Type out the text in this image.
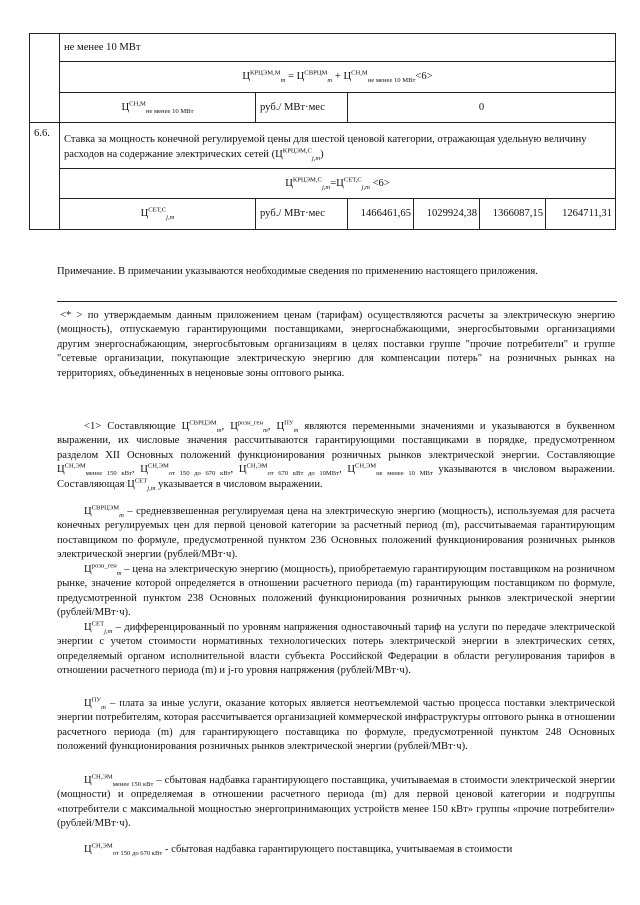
	не менее 10 МВт					
	$Ц^{КРЦЭМ,М}_m = Ц^{СВРЦМ}_m + Ц^{СН,М}_{не менее 10 МВт}<6>$					
	$Ц^{СН,М}_{не менее 10 МВт}$	руб./ МВт·мес	0			
6.6.	Ставка за мощность конечной регулируемой цены для шестой ценовой категории, отражающая удельную величину расходов на содержание электрических сетей $(Ц^{КРЦЭМ,С}_{j,m})$					
	$Ц^{КРЦЭМ,С}_{j,m}=Ц^{СЕТ,С}_{j,m} <6>$					
	$Ц^{СЕТ,С}_{j,m}$	руб./ МВт·мес	1466461,65	1029924,38	1366087,15	1264711,31
Примечание. В примечании указываются необходимые сведения по применению настоящего приложения.
<* > по утверждаемым данным приложением ценам (тарифам) осуществляются расчеты за электрическую энергию (мощность), отпускаемую гарантирующими поставщиками, энергоснабжающими, энергосбытовыми организациями другим энергоснабжающим, энергосбытовым организациям в целях поставки группе "прочие потребители" и группе "сетевые организации, покупающие электрическую энергию для компенсации потерь" на розничных рынках на территориях, объединенных в неценовые зоны оптового рынка.
<1> Составляющие $Ц^{СВРЦЭМ}_m$, $Ц^{розн\_ген}_m$, $Ц^{ПУ}_m$ являются переменными значениями и указываются в буквенном выражении, их числовые значения рассчитываются гарантирующими поставщиками в порядке, предусмотренном разделом XII Основных положений функционирования розничных рынков электрической энергии. Составляющие $Ц^{СН,ЭМ}_{менее 150 кВт}$, $Ц^{СН,ЭМ}_{от 150 до 670 кВт}$, $Ц^{СН,ЭМ}_{от 670 кВт до 10МВт}$, $Ц^{СН,ЭМ}_{не менее 10 МВт}$ указываются в числовом выражении. Составляющая $Ц^{СЕТ}_{j,m}$ указывается в числовом выражении.
$Ц^{СВРЦЭМ}_m$ – средневзвешенная регулируемая цена на электрическую энергию (мощность), используемая для расчета конечных регулируемых цен для первой ценовой категории за расчетный период (m), рассчитываемая гарантирующим поставщиком по формуле, предусмотренной пунктом 236 Основных положений функционирования розничных рынков электрической энергии (рублей/МВт·ч).
$Ц^{розн\_ген}_m$ – цена на электрическую энергию (мощность), приобретаемую гарантирующим поставщиком на розничном рынке, значение которой определяется в отношении расчетного периода (m) гарантирующим поставщиком по формуле, предусмотренной пунктом 238 Основных положений функционирования розничных рынков электрической энергии (рублей/МВт·ч).
$Ц^{СЕТ}_{j,m}$ – дифференцированный по уровням напряжения одноставочный тариф на услуги по передаче электрической энергии с учетом стоимости нормативных технологических потерь электрической энергии в электрических сетях, определяемый органом исполнительной власти субъекта Российской Федерации в области регулирования тарифов в отношении расчетного периода (m) и j-го уровня напряжения (рублей/МВт·ч).
$Ц^{ПУ}_m$ – плата за иные услуги, оказание которых является неотъемлемой частью процесса поставки электрической энергии потребителям, которая рассчитывается организацией коммерческой инфраструктуры оптового рынка в отношении расчетного периода (m) для гарантирующего поставщика по формуле, предусмотренной пунктом 248 Основных положений функционирования розничных рынков электрической энергии (рублей/МВт·ч).
$Ц^{СН,ЭМ}_{менее 150 кВт}$ – сбытовая надбавка гарантирующего поставщика, учитываемая в стоимости электрической энергии (мощности) и определяемая в отношении расчетного периода (m) для первой ценовой категории и подгруппы «потребители с максимальной мощностью энергопринимающих устройств менее 150 кВт» группы «прочие потребители» (рублей/МВт·ч).
$Ц^{СН,ЭМ}_{от 150 до 670 кВт}$ - сбытовая надбавка гарантирующего поставщика, учитываемая в стоимости
